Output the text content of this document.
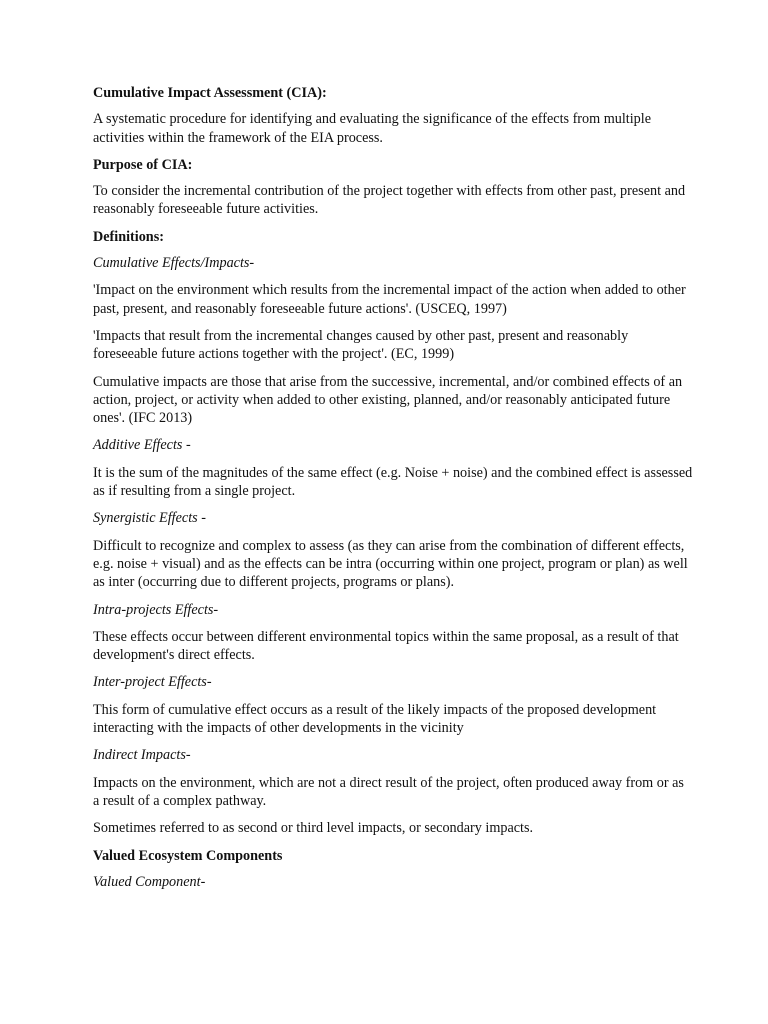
Cumulative Impact Assessment (CIA):

A systematic procedure for identifying and evaluating the significance of the effects from multiple activities within the framework of the EIA process.

Purpose of CIA:

To consider the incremental contribution of the project together with effects from other past, present and reasonably foreseeable future activities.

Definitions:

Cumulative Effects/Impacts-

'Impact on the environment which results from the incremental impact of the action when added to other past, present, and reasonably foreseeable future actions'. (USCEQ, 1997)

'Impacts that result from the incremental changes caused by other past, present and reasonably foreseeable future actions together with the project'. (EC, 1999)

Cumulative impacts are those that arise from the successive, incremental, and/or combined effects of an action, project, or activity when added to other existing, planned, and/or reasonably anticipated future ones'. (IFC 2013)

Additive Effects -

It is the sum of the magnitudes of the same effect (e.g. Noise + noise) and the combined effect is assessed as if resulting from a single project.

Synergistic Effects -

Difficult to recognize and complex to assess (as they can arise from the combination of different effects, e.g. noise + visual) and as the effects can be intra (occurring within one project, program or plan) as well as inter (occurring due to different projects, programs or plans).

Intra-projects Effects-

These effects occur between different environmental topics within the same proposal, as a result of that development's direct effects.

Inter-project Effects-

This form of cumulative effect occurs as a result of the likely impacts of the proposed development interacting with the impacts of other developments in the vicinity

Indirect Impacts-

Impacts on the environment, which are not a direct result of the project, often produced away from or as a result of a complex pathway.

Sometimes referred to as second or third level impacts, or secondary impacts.

Valued Ecosystem Components

Valued Component-
